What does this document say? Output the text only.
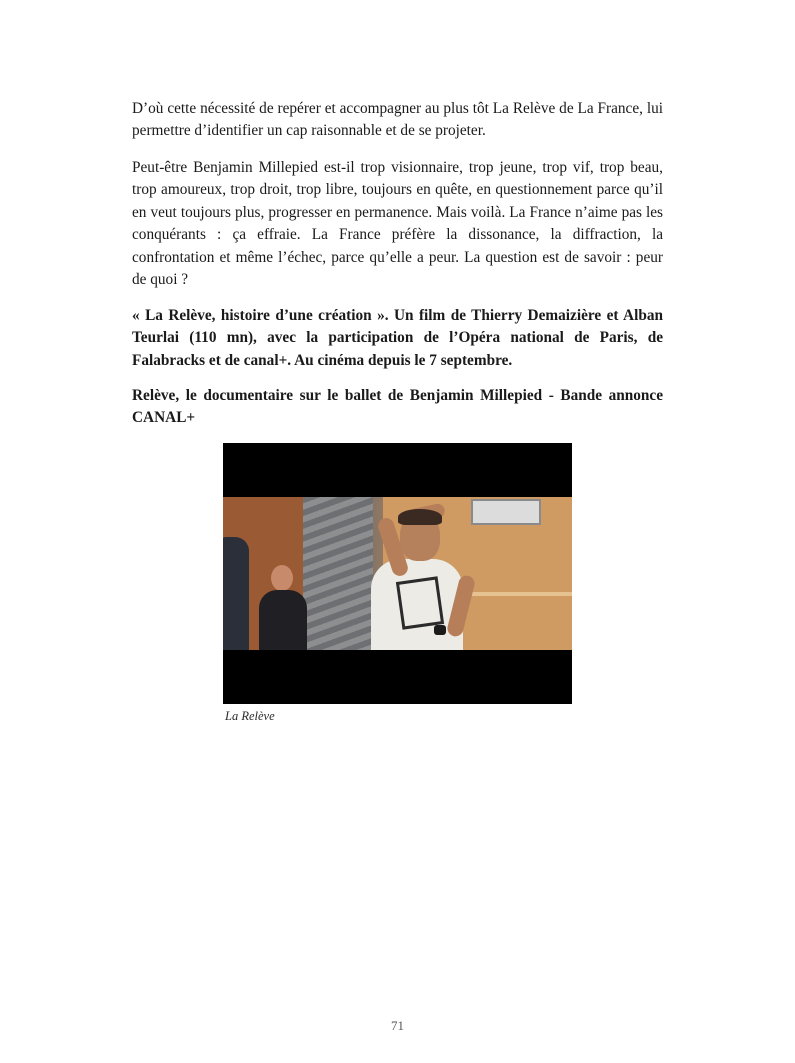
D’où cette nécessité de repérer et accompagner au plus tôt La Relève de La France, lui permettre d’identifier un cap raisonnable et de se projeter.

Peut-être Benjamin Millepied est-il trop visionnaire, trop jeune, trop vif, trop beau, trop amoureux, trop droit, trop libre, toujours en quête, en questionnement parce qu’il en veut toujours plus, progresser en permanence. Mais voilà. La France n’aime pas les conquérants : ça effraie. La France préfère la dissonance, la diffraction, la confrontation et même l’échec, parce qu’elle a peur. La question est de savoir : peur de quoi ?

« La Relève, histoire d’une création ». Un film de Thierry Demaizière et Alban Teurlai (110 mn), avec la participation de l’Opéra national de Paris, de Falabracks et de canal+. Au cinéma depuis le 7 septembre.

Relève, le documentaire sur le ballet de Benjamin Millepied - Bande annonce CANAL+

La Relève
71
